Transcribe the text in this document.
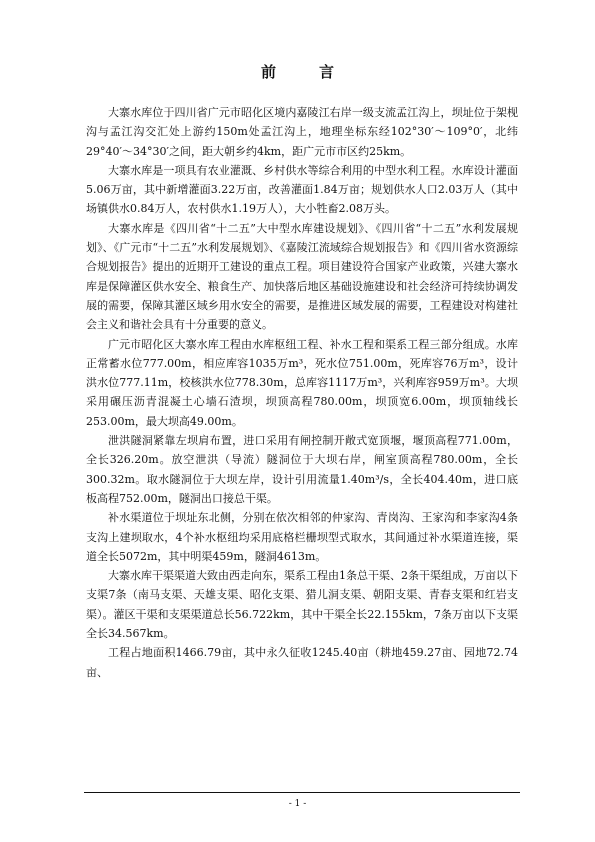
前　言

大寨水库位于四川省广元市昭化区境内嘉陵江右岸一级支流孟江沟上，坝址位于架枧沟与孟江沟交汇处上游约150m处孟江沟上，地理坐标东经102°30′～109°0′，北纬29°40′～34°30′之间，距大朝乡约4km，距广元市市区约25km。

大寨水库是一项具有农业灌溉、乡村供水等综合利用的中型水利工程。水库设计灌面5.06万亩，其中新增灌面3.22万亩，改善灌面1.84万亩；规划供水人口2.03万人（其中场镇供水0.84万人，农村供水1.19万人），大小牲畜2.08万头。

大寨水库是《四川省“十二五”大中型水库建设规划》、《四川省“十二五”水利发展规划》、《广元市“十二五”水利发展规划》、《嘉陵江流域综合规划报告》和《四川省水资源综合规划报告》提出的近期开工建设的重点工程。项目建设符合国家产业政策，兴建大寨水库是保障灌区供水安全、粮食生产、加快落后地区基础设施建设和社会经济可持续协调发展的需要，保障其灌区域乡用水安全的需要，是推进区域发展的需要，工程建设对构建社会主义和谐社会具有十分重要的意义。

广元市昭化区大寨水库工程由水库枢纽工程、补水工程和渠系工程三部分组成。水库正常蓄水位777.00m，相应库容1035万m³，死水位751.00m，死库容76万m³，设计洪水位777.11m，校核洪水位778.30m，总库容1117万m³，兴利库容959万m³。大坝采用碾压沥青混凝土心墙石渣坝，坝顶高程780.00m，坝顶宽6.00m，坝顶轴线长253.00m，最大坝高49.00m。

泄洪隧洞紧靠左坝肩布置，进口采用有闸控制开敞式宽顶堰，堰顶高程771.00m，全长326.20m。放空泄洪（导流）隧洞位于大坝右岸，闸室顶高程780.00m，全长300.32m。取水隧洞位于大坝左岸，设计引用流量1.40m³/s，全长404.40m，进口底板高程752.00m，隧洞出口接总干渠。

补水渠道位于坝址东北侧，分别在依次相邻的仲家沟、青岗沟、王家沟和李家沟4条支沟上建坝取水，4个补水枢纽均采用底格栏栅坝型式取水，其间通过补水渠道连接，渠道全长5072m，其中明渠459m，隧洞4613m。

大寨水库干渠渠道大致由西走向东，渠系工程由1条总干渠、2条干渠组成，万亩以下支渠7条（南马支渠、天雄支渠、昭化支渠、猎儿洞支渠、朝阳支渠、青春支渠和红岩支渠）。灌区干渠和支渠渠道总长56.722km，其中干渠全长22.155km，7条万亩以下支渠全长34.567km。

工程占地面积1466.79亩，其中永久征收1245.40亩（耕地459.27亩、园地72.74亩、

- 1 -
